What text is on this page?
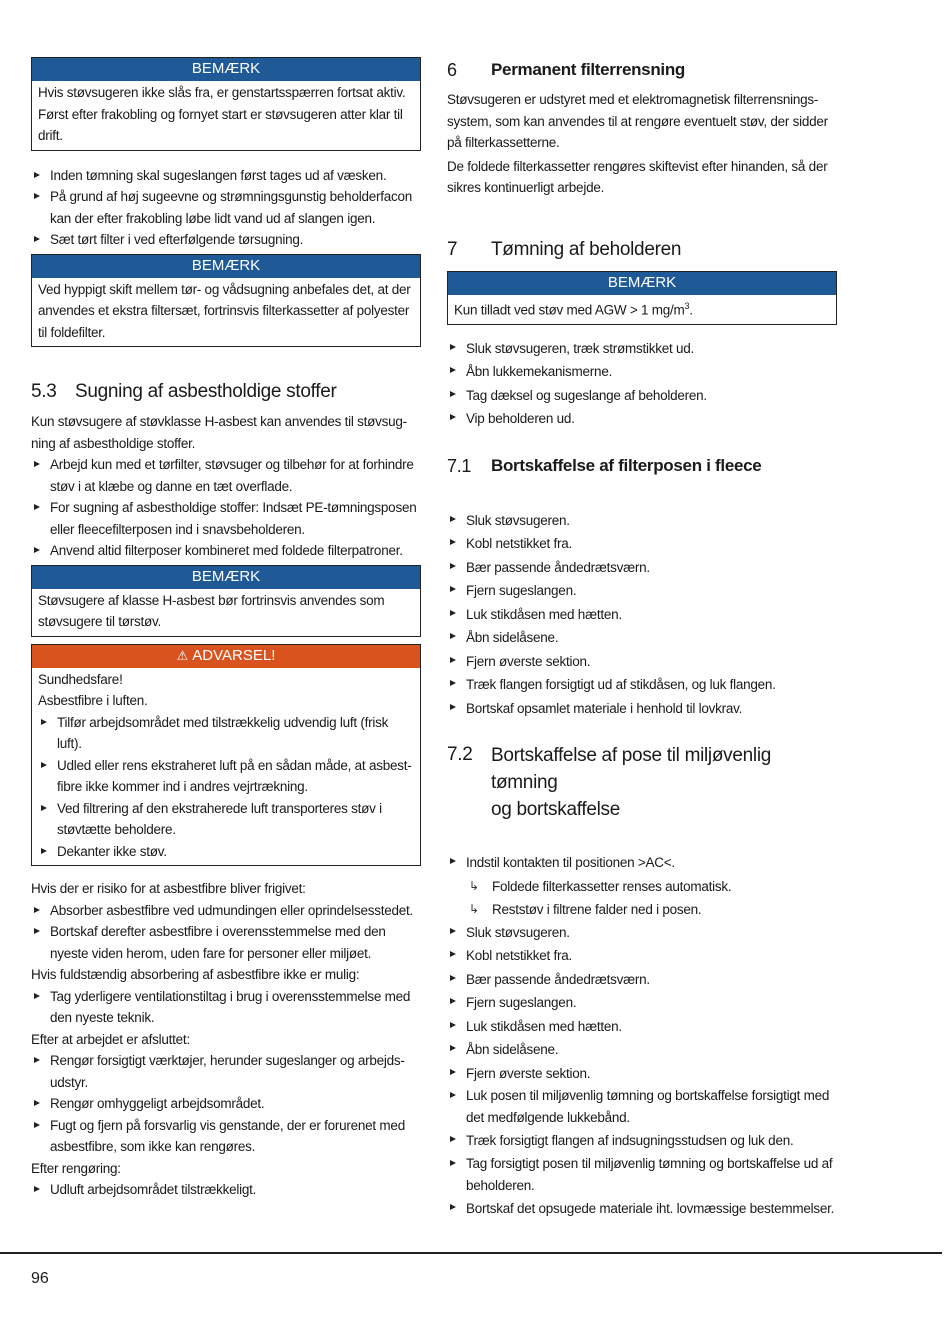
BEMÆRK

Hvis støvsugeren ikke slås fra, er genstartsspærren fortsat aktiv.

Først efter frakobling og fornyet start er støvsugeren atter klar til

drift.

Inden tømning skal sugeslangen først tages ud af væsken.
På grund af høj sugeevne og strømningsgunstig beholderfacon kan der efter frakobling løbe lidt vand ud af slangen igen.
Sæt tørt filter i ved efterfølgende tørsugning.
BEMÆRK

Ved hyppigt skift mellem tør- og vådsugning anbefales det, at der

anvendes et ekstra filtersæt, fortrinsvis filterkassetter af polyester

til foldefilter.

5.3 Sugning af asbestholdige stoffer

Kun støvsugere af støvklasse H-asbest kan anvendes til støvsug-ning af asbestholdige stoffer.

Arbejd kun med et tørfilter, støvsuger og tilbehør for at forhindre støv i at klæbe og danne en tæt overflade.
For sugning af asbestholdige stoffer: Indsæt PE-tømningsposen eller fleecefilterposen ind i snavsbeholderen.
Anvend altid filterposer kombineret med foldede filterpatroner.
BEMÆRK

Støvsugere af klasse H-asbest bør fortrinsvis anvendes som

støvsugere til tørstøv.

⚠ ADVARSEL!

Sundhedsfare!

Asbestfibre i luften.

Tilfør arbejdsområdet med tilstrækkelig udvendig luft (frisk luft).
Udled eller rens ekstraheret luft på en sådan måde, at asbest-fibre ikke kommer ind i andres vejrtrækning.
Ved filtrering af den ekstraherede luft transporteres støv i støvtætte beholdere.
Dekanter ikke støv.

Hvis der er risiko for at asbestfibre bliver frigivet:

Absorber asbestfibre ved udmundingen eller oprindelsesstedet.
Bortskaf derefter asbestfibre i overensstemmelse med den nyeste viden herom, uden fare for personer eller miljøet.

Hvis fuldstændig absorbering af asbestfibre ikke er mulig:

Tag yderligere ventilationstiltag i brug i overensstemmelse med den nyeste teknik.

Efter at arbejdet er afsluttet:

Rengør forsigtigt værktøjer, herunder sugeslanger og arbejds-udstyr.
Rengør omhyggeligt arbejdsområdet.
Fugt og fjern på forsvarlig vis genstande, der er forurenet med asbestfibre, som ikke kan rengøres.

Efter rengøring:

Udluft arbejdsområdet tilstrækkeligt.
6	Permanent filterrensning

Støvsugeren er udstyret med et elektromagnetisk filterrensnings-system, som kan anvendes til at rengøre eventuelt støv, der sidder på filterkassetterne.

De foldede filterkassetter rengøres skiftevist efter hinanden, så der sikres kontinuerligt arbejde.

7	Tømning af beholderen
BEMÆRK

Kun tilladt ved støv med AGW > 1 $mg/m^3$.

Sluk støvsugeren, træk strømstikket ud.
Åbn lukkemekanismerne.
Tag dæksel og sugeslange af beholderen.
Vip beholderen ud.
7.1	Bortskaffelse af filterposen i fleece
Sluk støvsugeren.
Kobl netstikket fra.
Bær passende åndedrætsværn.
Fjern sugeslangen.
Luk stikdåsen med hætten.
Åbn sidelåsene.
Fjern øverste sektion.
Træk flangen forsigtigt ud af stikdåsen, og luk flangen.
Bortskaf opsamlet materiale i henhold til lovkrav.
7.2 Bortskaffelse af pose til miljøvenlig tømning
og bortskaffelse
Indstil kontakten til positionen >AC<.
↳ Foldede filterkassetter renses automatisk.
↳ Reststøv i filtrene falder ned i posen.
Sluk støvsugeren.
Kobl netstikket fra.
Bær passende åndedrætsværn.
Fjern sugeslangen.
Luk stikdåsen med hætten.
Åbn sidelåsene.
Fjern øverste sektion.
Luk posen til miljøvenlig tømning og bortskaffelse forsigtigt med det medfølgende lukkebånd.
Træk forsigtigt flangen af indsugningsstudsen og luk den.
Tag forsigtigt posen til miljøvenlig tømning og bortskaffelse ud af beholderen.
Bortskaf det opsugede materiale iht. lovmæssige bestemmelser.
96
